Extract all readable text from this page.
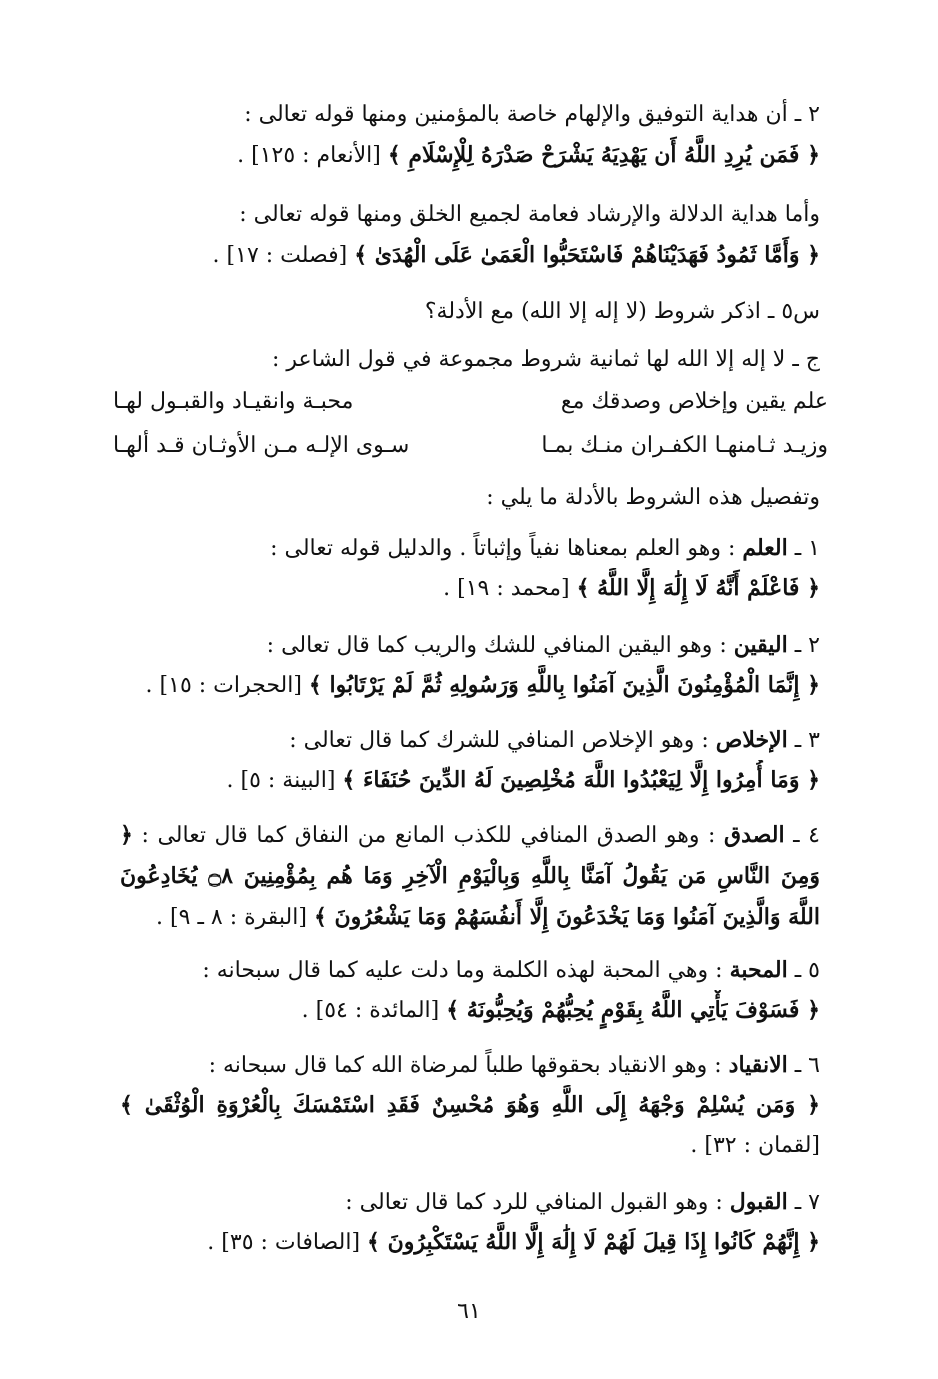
٢ ـ أن هداية التوفيق والإلهام خاصة بالمؤمنين ومنها قوله تعالى :
﴿ فَمَن يُرِدِ اللَّهُ أَن يَهْدِيَهُ يَشْرَحْ صَدْرَهُ لِلْإِسْلَامِ ﴾ [الأنعام : ١٢٥] .
وأما هداية الدلالة والإرشاد فعامة لجميع الخلق ومنها قوله تعالى :
﴿ وَأَمَّا ثَمُودُ فَهَدَيْنَاهُمْ فَاسْتَحَبُّوا الْعَمَىٰ عَلَى الْهُدَىٰ ﴾ [فصلت : ١٧] .
س٥ ـ اذكر شروط (لا إله إلا الله) مع الأدلة؟
ج ـ لا إله إلا الله لها ثمانية شروط مجموعة في قول الشاعر :
علم يقين وإخلاص وصدقك مع
محبـة وانقيـاد والقبـول لهـا
وزيـد ثـامنهـا الكفـران منـك بمـا
سـوى الإلـه مـن الأوثـان قـد ألهـا
وتفصيل هذه الشروط بالأدلة ما يلي :
١ ـ العلم : وهو العلم بمعناها نفياً وإثباتاً . والدليل قوله تعالى :
﴿ فَاعْلَمْ أَنَّهُ لَا إِلَٰهَ إِلَّا اللَّهُ ﴾ [محمد : ١٩] .
٢ ـ اليقين : وهو اليقين المنافي للشك والريب كما قال تعالى :
﴿ إِنَّمَا الْمُؤْمِنُونَ الَّذِينَ آمَنُوا بِاللَّهِ وَرَسُولِهِ ثُمَّ لَمْ يَرْتَابُوا ﴾ [الحجرات : ١٥] .
٣ ـ الإخلاص : وهو الإخلاص المنافي للشرك كما قال تعالى :
﴿ وَمَا أُمِرُوا إِلَّا لِيَعْبُدُوا اللَّهَ مُخْلِصِينَ لَهُ الدِّينَ حُنَفَاءَ ﴾ [البينة : ٥] .
٤ ـ الصدق : وهو الصدق المنافي للكذب المانع من النفاق كما قال تعالى : ﴿ وَمِنَ النَّاسِ مَن يَقُولُ آمَنَّا بِاللَّهِ وَبِالْيَوْمِ الْآخِرِ وَمَا هُم بِمُؤْمِنِينَ ۝٨ يُخَادِعُونَ اللَّهَ وَالَّذِينَ آمَنُوا وَمَا يَخْدَعُونَ إِلَّا أَنفُسَهُمْ وَمَا يَشْعُرُونَ ﴾ [البقرة : ٨ ـ ٩] .
٥ ـ المحبة : وهي المحبة لهذه الكلمة وما دلت عليه كما قال سبحانه :
﴿ فَسَوْفَ يَأْتِي اللَّهُ بِقَوْمٍ يُحِبُّهُمْ وَيُحِبُّونَهُ ﴾ [المائدة : ٥٤] .
٦ ـ الانقياد : وهو الانقياد بحقوقها طلباً لمرضاة الله كما قال سبحانه :
﴿ وَمَن يُسْلِمْ وَجْهَهُ إِلَى اللَّهِ وَهُوَ مُحْسِنٌ فَقَدِ اسْتَمْسَكَ بِالْعُرْوَةِ الْوُثْقَىٰ ﴾ [لقمان : ٣٢] .
٧ ـ القبول : وهو القبول المنافي للرد كما قال تعالى :
﴿ إِنَّهُمْ كَانُوا إِذَا قِيلَ لَهُمْ لَا إِلَٰهَ إِلَّا اللَّهُ يَسْتَكْبِرُونَ ﴾ [الصافات : ٣٥] .
٦١
